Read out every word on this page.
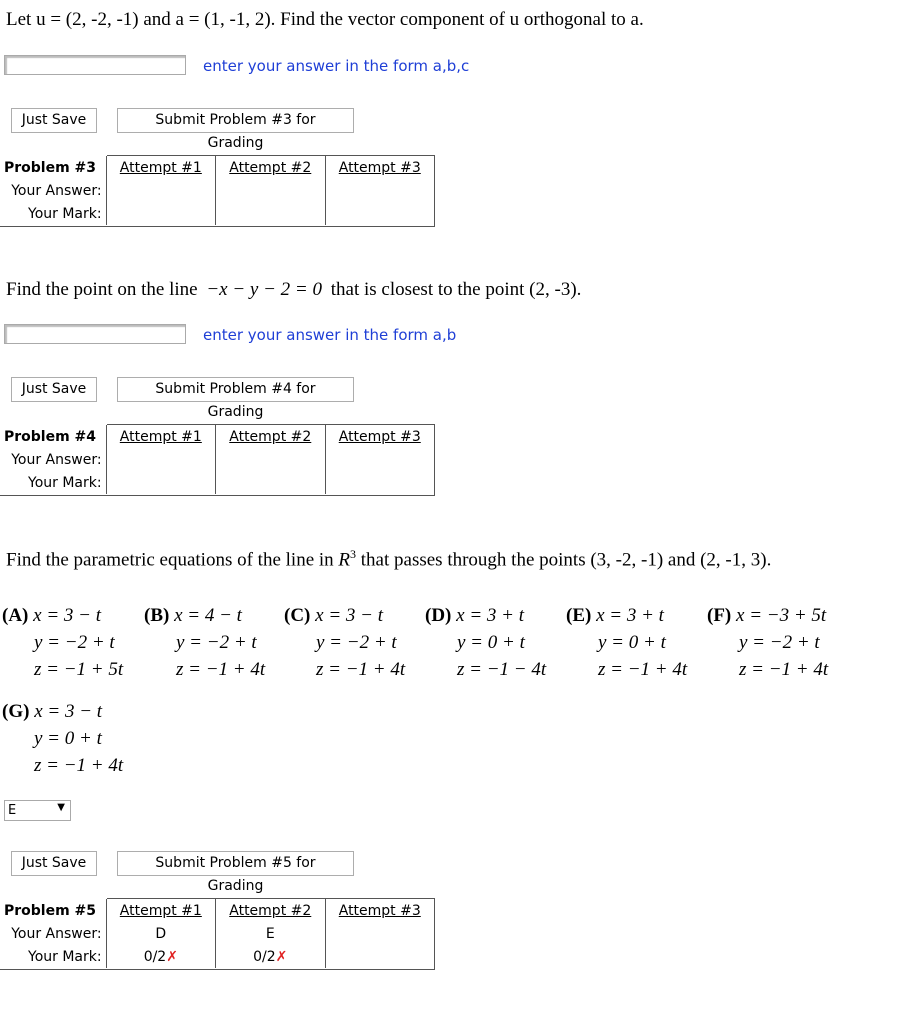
Let u = (2, -2, -1) and a = (1, -1, 2). Find the vector component of u orthogonal to a.
enter your answer in the form a,b,c
Just Save	Submit Problem #3 for Grading
Problem #3	Attempt #1	Attempt #2	Attempt #3
Your Answer:			
Your Mark:			
Find the point on the line −x − y − 2 = 0 that is closest to the point (2, -3).
enter your answer in the form a,b
Just Save	Submit Problem #4 for Grading
Problem #4	Attempt #1	Attempt #2	Attempt #3
Your Answer:			
Your Mark:			
Find the parametric equations of the line in $R^3$ that passes through the points (3, -2, -1) and (2, -1, 3).
(A) x = 3 − t
y = −2 + t
z = −1 + 5t
(B) x = 4 − t
y = −2 + t
z = −1 + 4t
(C) x = 3 − t
y = −2 + t
z = −1 + 4t
(D) x = 3 + t
y = 0 + t
z = −1 − 4t
(E) x = 3 + t
y = 0 + t
z = −1 + 4t
(F) x = −3 + 5t
y = −2 + t
z = −1 + 4t
(G) x = 3 − t
y = 0 + t
z = −1 + 4t
E	▼
Just Save	Submit Problem #5 for Grading
Problem #5	Attempt #1	Attempt #2	Attempt #3
Your Answer:	D	E	
Your Mark:	0/2✗	0/2✗	
